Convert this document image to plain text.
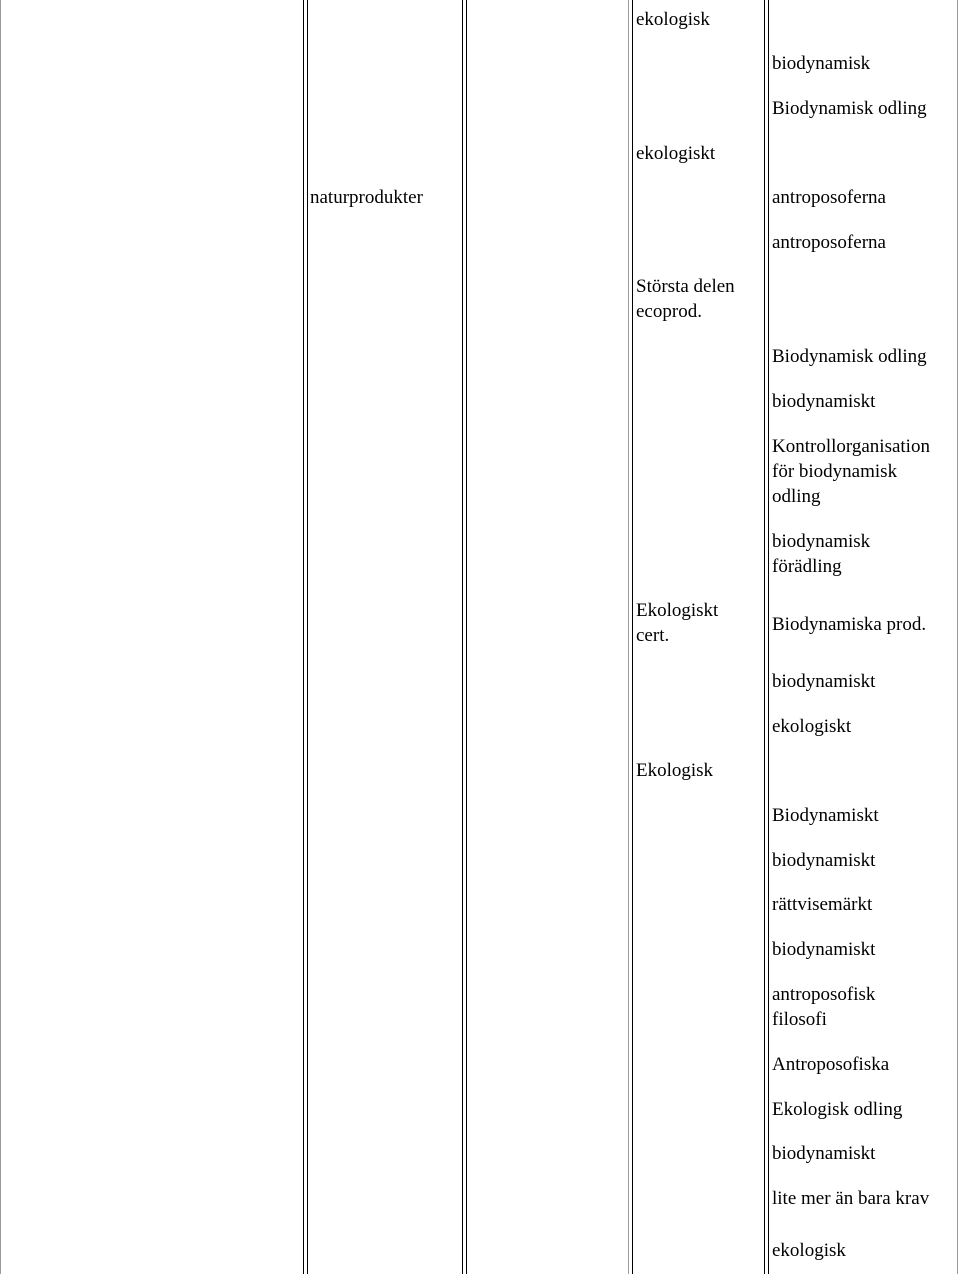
naturprodukter

ekologisk

ekologiskt

Största delen
ecoprod.

Ekologiskt
cert.

Ekologisk

biodynamisk

Biodynamisk odling

antroposoferna

antroposoferna

Biodynamisk odling

biodynamiskt

Kontrollorganisation
för biodynamisk
odling

biodynamisk
förädling

Biodynamiska prod.

biodynamiskt

ekologiskt

Biodynamiskt

biodynamiskt

rättvisemärkt

biodynamiskt

antroposofisk
filosofi

Antroposofiska

Ekologisk odling

biodynamiskt

lite mer än bara krav

ekologisk
